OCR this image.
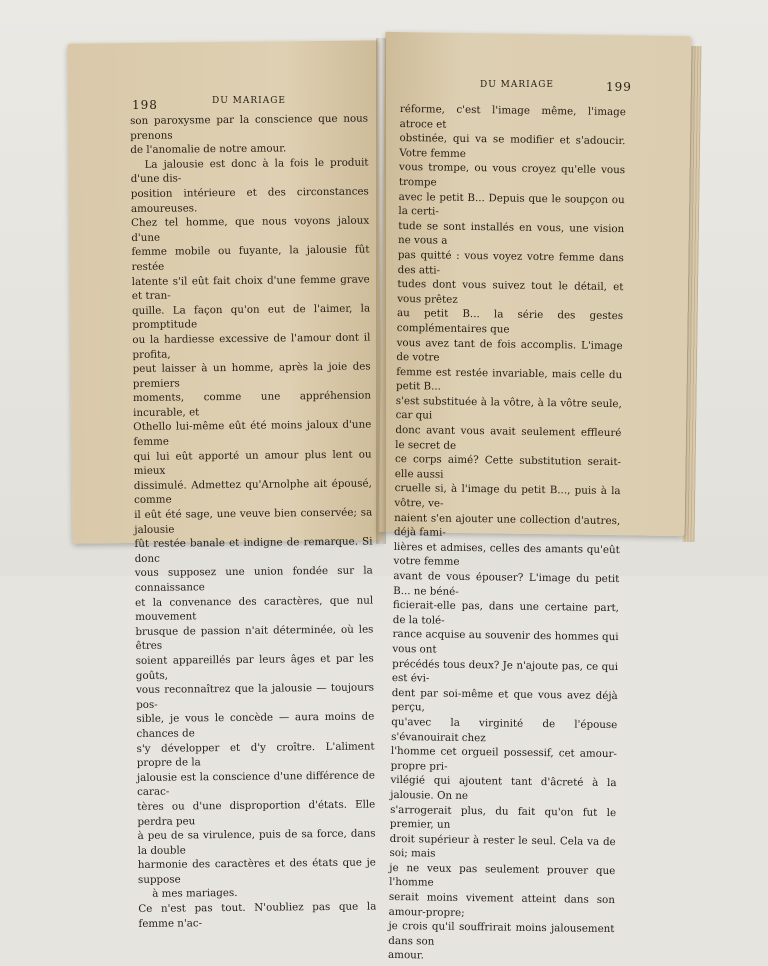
198	DU MARIAGE
DU MARIAGE	199

son paroxysme par la conscience que nous prenons

de l'anomalie de notre amour.

La jalousie est donc à la fois le produit d'une dis-

position intérieure et des circonstances amoureuses.

Chez tel homme, que nous voyons jaloux d'une

femme mobile ou fuyante, la jalousie fût restée

latente s'il eût fait choix d'une femme grave et tran-

quille. La façon qu'on eut de l'aimer, la promptitude

ou la hardiesse excessive de l'amour dont il profita,

peut laisser à un homme, après la joie des premiers

moments, comme une appréhension incurable, et

Othello lui-même eût été moins jaloux d'une femme

qui lui eût apporté un amour plus lent ou mieux

dissimulé. Admettez qu'Arnolphe ait épousé, comme

il eût été sage, une veuve bien conservée; sa jalousie

fût restée banale et indigne de remarque. Si donc

vous supposez une union fondée sur la connaissance

et la convenance des caractères, que nul mouvement

brusque de passion n'ait déterminée, où les êtres

soient appareillés par leurs âges et par les goûts,

vous reconnaîtrez que la jalousie — toujours pos-

sible, je vous le concède — aura moins de chances de

s'y développer et d'y croître. L'aliment propre de la

jalousie est la conscience d'une différence de carac-

tères ou d'une disproportion d'états. Elle perdra peu

à peu de sa virulence, puis de sa force, dans la double

harmonie des caractères et des états que je suppose

à mes mariages.

Ce n'est pas tout. N'oubliez pas que la femme n'ac-

réforme, c'est l'image même, l'image atroce et

obstinée, qui va se modifier et s'adoucir. Votre femme

vous trompe, ou vous croyez qu'elle vous trompe

avec le petit B... Depuis que le soupçon ou la certi-

tude se sont installés en vous, une vision ne vous a

pas quitté : vous voyez votre femme dans des atti-

tudes dont vous suivez tout le détail, et vous prêtez

au petit B... la série des gestes complémentaires que

vous avez tant de fois accomplis. L'image de votre

femme est restée invariable, mais celle du petit B...

s'est substituée à la vôtre, à la vôtre seule, car qui

donc avant vous avait seulement effleuré le secret de

ce corps aimé? Cette substitution serait-elle aussi

cruelle si, à l'image du petit B..., puis à la vôtre, ve-

naient s'en ajouter une collection d'autres, déjà fami-

lières et admises, celles des amants qu'eût votre femme

avant de vous épouser? L'image du petit B... ne béné-

ficierait-elle pas, dans une certaine part, de la tolé-

rance acquise au souvenir des hommes qui vous ont

précédés tous deux? Je n'ajoute pas, ce qui est évi-

dent par soi-même et que vous avez déjà perçu,

qu'avec la virginité de l'épouse s'évanouirait chez

l'homme cet orgueil possessif, cet amour-propre pri-

vilégié qui ajoutent tant d'âcreté à la jalousie. On ne

s'arrogerait plus, du fait qu'on fut le premier, un

droit supérieur à rester le seul. Cela va de soi; mais

je ne veux pas seulement prouver que l'homme

serait moins vivement atteint dans son amour-propre;

je crois qu'il souffrirait moins jalousement dans son

amour.
